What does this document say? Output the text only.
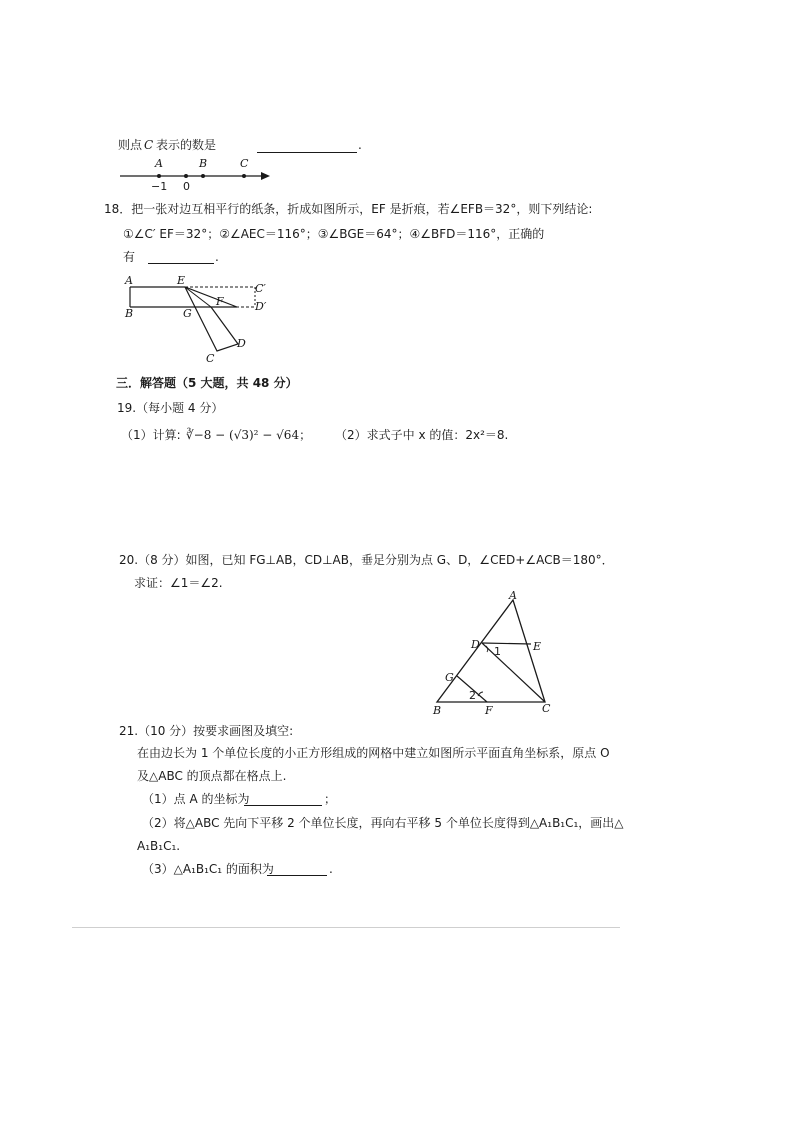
则点 C 表示的数是	.
A	B	C
−1 0
18．把一张对边互相平行的纸条，折成如图所示，EF 是折痕，若∠EFB＝32°，则下列结论:
①∠C′ EF＝32°；②∠AEC＝116°；③∠BGE＝64°；④∠BFD＝116°，正确的
有	.
A	E
C′
B	G
F	D′
D
C
三．解答题（5 大题，共 48 分）
19.（每小题 4 分）
（1）计算: ∛−8 − (√3)² − √64； （2）求式子中 x 的值：2x²＝8.
20.（8 分）如图，已知 FG⊥AB，CD⊥AB，垂足分别为点 G、D，∠CED+∠ACB＝180°．
求证：∠1＝∠2.
A
D	E
1
G
2
B	F	C
21.（10 分）按要求画图及填空:
在由边长为 1 个单位长度的小正方形组成的网格中建立如图所示平面直角坐标系，原点 O
及△ABC 的顶点都在格点上.
（1）点 A 的坐标为	；
（2）将△ABC 先向下平移 2 个单位长度，再向右平移 5 个单位长度得到△A₁B₁C₁，画出△
A₁B₁C₁.
（3）△A₁B₁C₁ 的面积为	.
